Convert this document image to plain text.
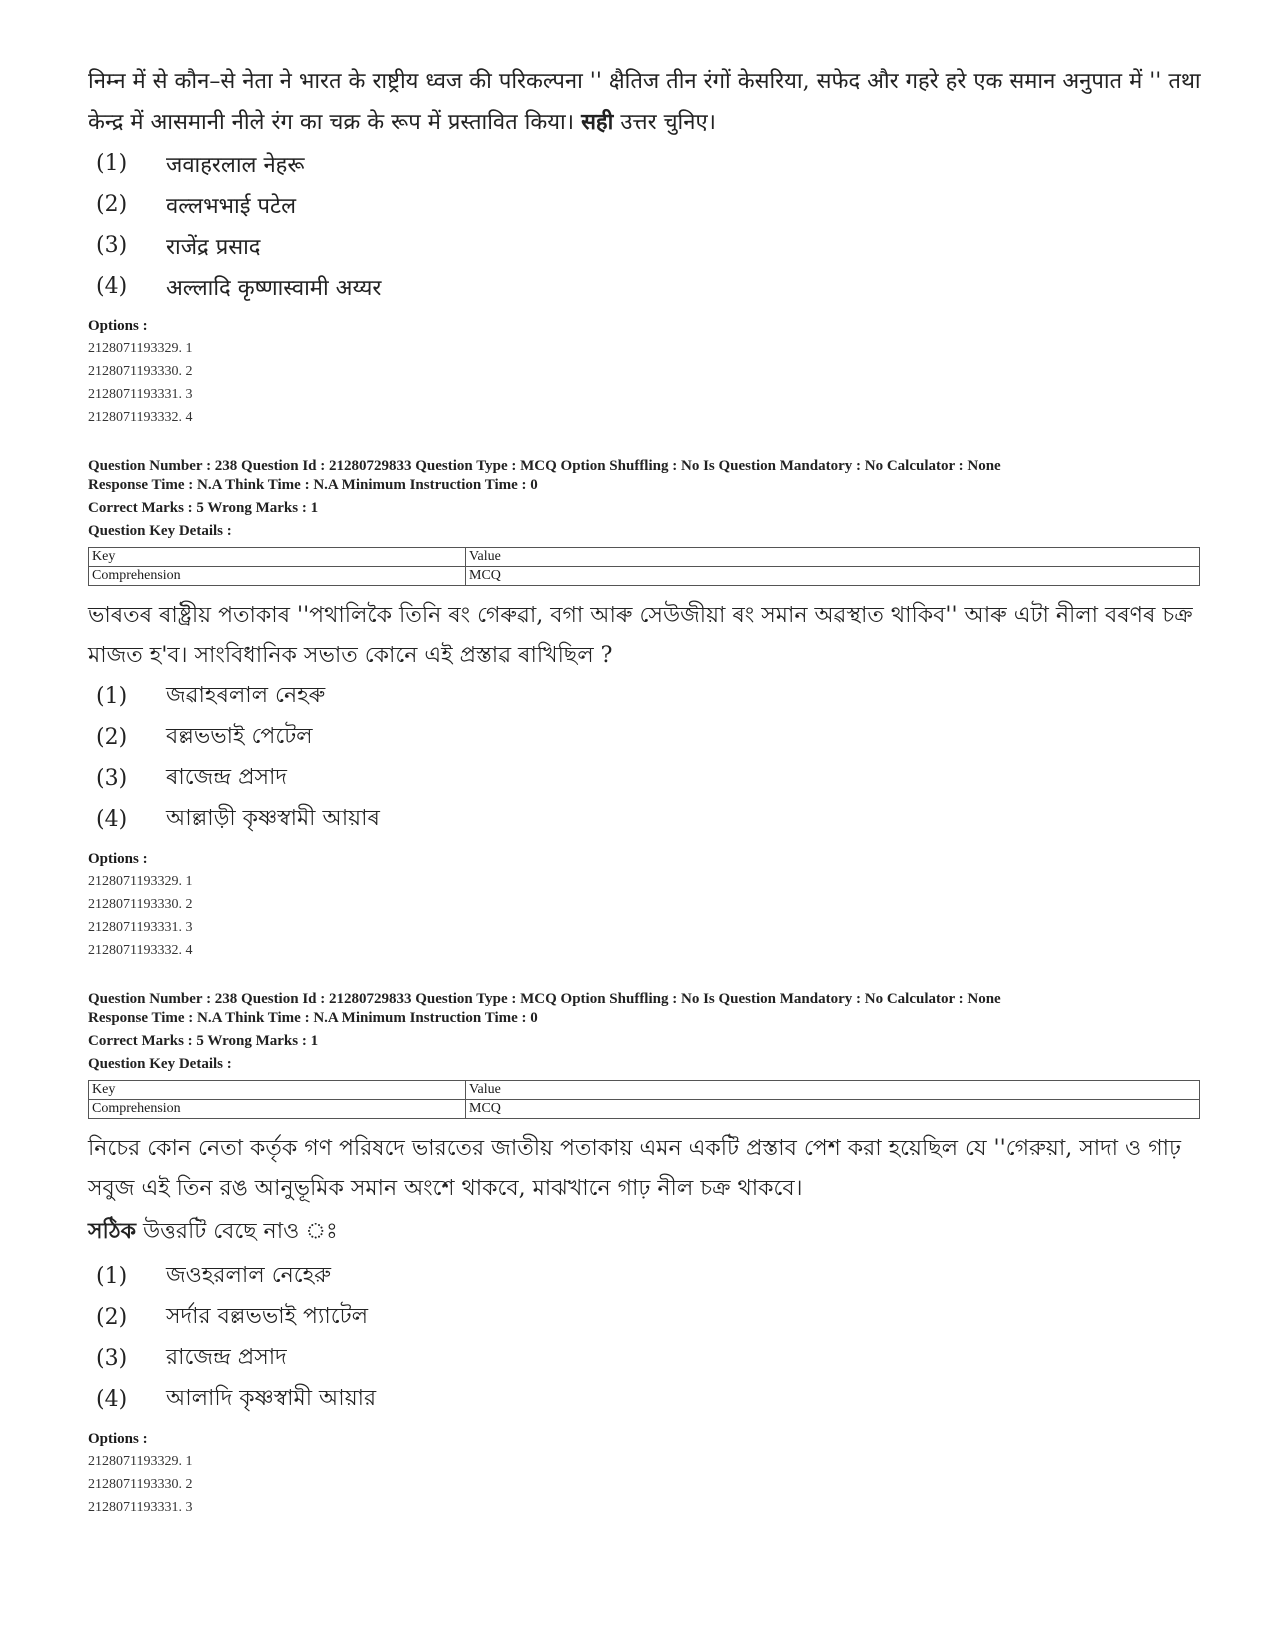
निम्न में से कौन–से नेता ने भारत के राष्ट्रीय ध्वज की परिकल्पना '' क्षैतिज तीन रंगों केसरिया, सफेद और गहरे हरे एक समान अनुपात में '' तथा केन्द्र में आसमानी नीले रंग का चक्र के रूप में प्रस्तावित किया। सही उत्तर चुनिए।

(1)	जवाहरलाल नेहरू
(2)	वल्लभभाई पटेल
(3)	राजेंद्र प्रसाद
(4)	अल्लादि कृष्णास्वामी अय्यर
Options :
2128071193329. 1
2128071193330. 2
2128071193331. 3
2128071193332. 4
Question Number : 238 Question Id : 21280729833 Question Type : MCQ Option Shuffling : No Is Question Mandatory : No Calculator : None
Response Time : N.A Think Time : N.A Minimum Instruction Time : 0
Correct Marks : 5 Wrong Marks : 1
Question Key Details :
Key	Value
Comprehension	MCQ

ভাৰতৰ ৰাষ্ট্ৰীয় পতাকাৰ ''পথালিকৈ তিনি ৰং গেৰুৱা, বগা আৰু সেউজীয়া ৰং সমান অৱস্থাত থাকিব'' আৰু এটা নীলা বৰণৰ চক্ৰ মাজত হ'ব। সাংবিধানিক সভাত কোনে এই প্ৰস্তাৱ ৰাখিছিল ?

(1)	জৱাহৰলাল নেহৰু
(2)	বল্লভভাই পেটেল
(3)	ৰাজেন্দ্ৰ প্ৰসাদ
(4)	আল্লাড়ী কৃষ্ণস্বামী আয়াৰ
Options :
2128071193329. 1
2128071193330. 2
2128071193331. 3
2128071193332. 4
Question Number : 238 Question Id : 21280729833 Question Type : MCQ Option Shuffling : No Is Question Mandatory : No Calculator : None
Response Time : N.A Think Time : N.A Minimum Instruction Time : 0
Correct Marks : 5 Wrong Marks : 1
Question Key Details :
Key	Value
Comprehension	MCQ

নিচের কোন নেতা কর্তৃক গণ পরিষদে ভারতের জাতীয় পতাকায় এমন একটি প্রস্তাব পেশ করা হয়েছিল যে ''গেরুয়া, সাদা ও গাঢ় সবুজ এই তিন রঙ আনুভূমিক সমান অংশে থাকবে, মাঝখানে গাঢ় নীল চক্র থাকবে।

সঠিক উত্তরটি বেছে নাও ঃ

(1)	জওহরলাল নেহেরু
(2)	সর্দার বল্লভভাই প্যাটেল
(3)	রাজেন্দ্র প্রসাদ
(4)	আলাদি কৃষ্ণস্বামী আয়ার
Options :
2128071193329. 1
2128071193330. 2
2128071193331. 3
